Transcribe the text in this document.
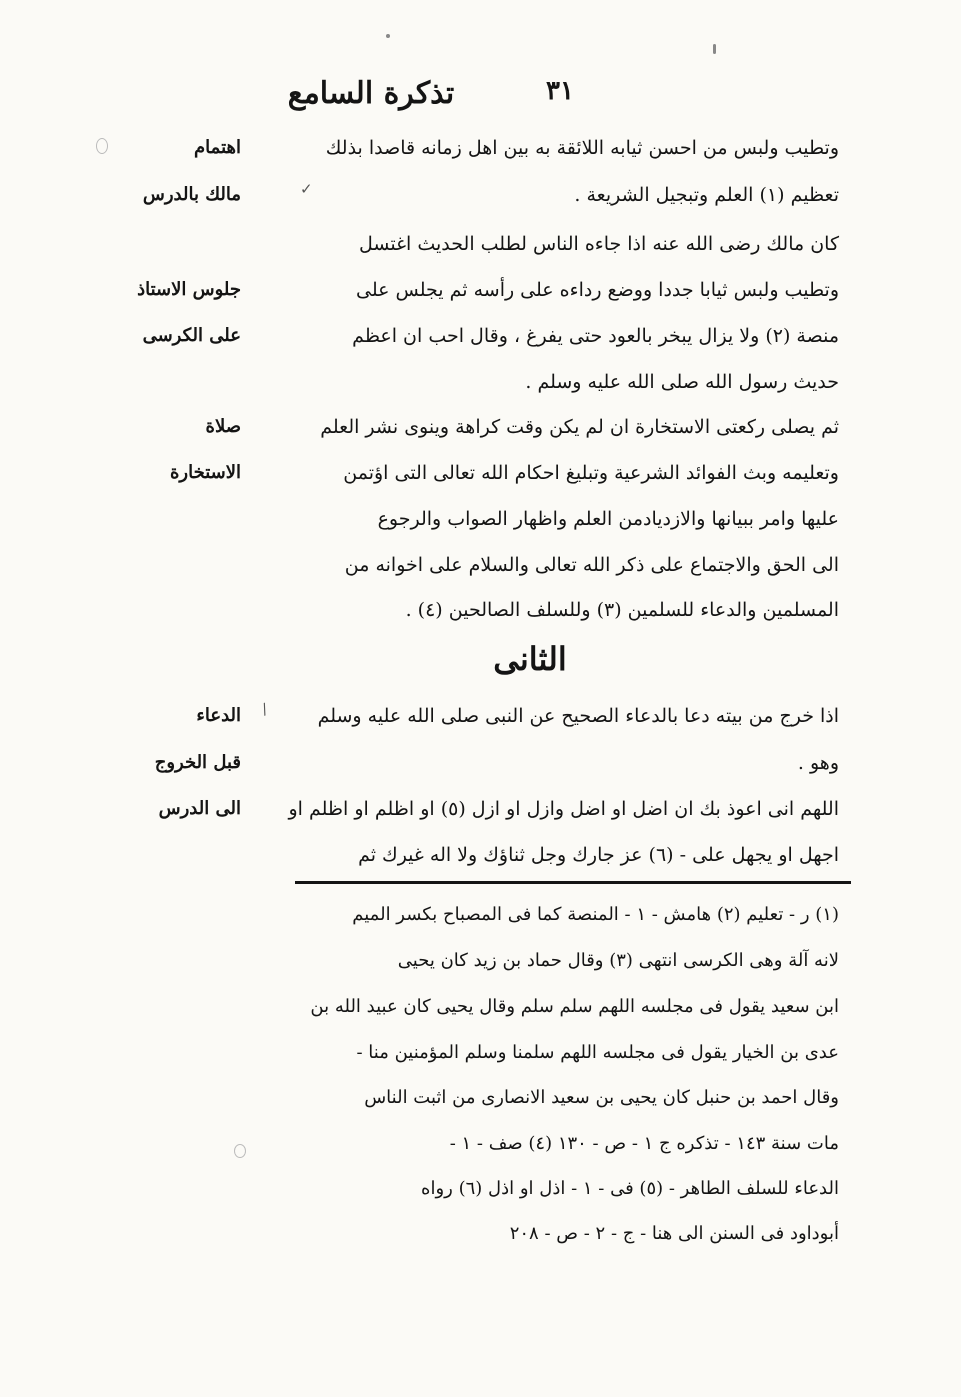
تذكرة السامع	٣١
وتطيب ولبس من احسن ثيابه اللائقة به بين اهل زمانه قاصدا بذلك
تعظيم (١) العلم وتبجيل الشريعة .
كان مالك رضى الله عنه اذا جاءه الناس لطلب الحديث اغتسل
وتطيب ولبس ثيابا جددا ووضع رداءه على رأسه ثم يجلس على
منصة (٢) ولا يزال يبخر بالعود حتى يفرغ ، وقال احب ان اعظم
حديث رسول الله صلى الله عليه وسلم .
ثم يصلى ركعتى الاستخارة ان لم يكن وقت كراهة وينوى نشر العلم
وتعليمه وبث الفوائد الشرعية وتبليغ احكام الله تعالى التى اؤتمن
عليها وامر ببيانها والازديادمن العلم واظهار الصواب والرجوع
الى الحق والاجتماع على ذكر الله تعالى والسلام على اخوانه من
المسلمين والدعاء للسلمين (٣) وللسلف الصالحين (٤) .
اهتمام
مالك بالدرس
جلوس الاستاذ
على الكرسى
صلاة
الاستخارة
الدعاء
قبل الخروج
الى الدرس
الثانى
اذا خرج من بيته دعا بالدعاء الصحيح عن النبى صلى الله عليه وسلم
وهو .
اللهم انى اعوذ بك ان اضل او اضل وازل او ازل (٥) او اظلم او اظلم او
اجهل او يجهل على - (٦) عز جارك وجل ثناؤك ولا اله غيرك ثم
(١) ر - تعليم (٢) هامش - ١ - المنصة كما فى المصباح بكسر الميم
لانه آلة وهى الكرسى انتهى (٣) وقال حماد بن زيد كان يحيى
ابن سعيد يقول فى مجلسه اللهم سلم سلم وقال يحيى كان عبيد الله بن
عدى بن الخيار يقول فى مجلسه اللهم سلمنا وسلم المؤمنين منا -
وقال احمد بن حنبل كان يحيى بن سعيد الانصارى من اثبت الناس
مات سنة ١٤٣ - تذكره ج ١ - ص - ١٣٠ (٤) صف - ١ -
الدعاء للسلف الطاهر - (٥) فى - ١ - اذل او اذل (٦) رواه
أبوداود فى السنن الى هنا - ج - ٢ - ص - ٢٠٨
✓
/
